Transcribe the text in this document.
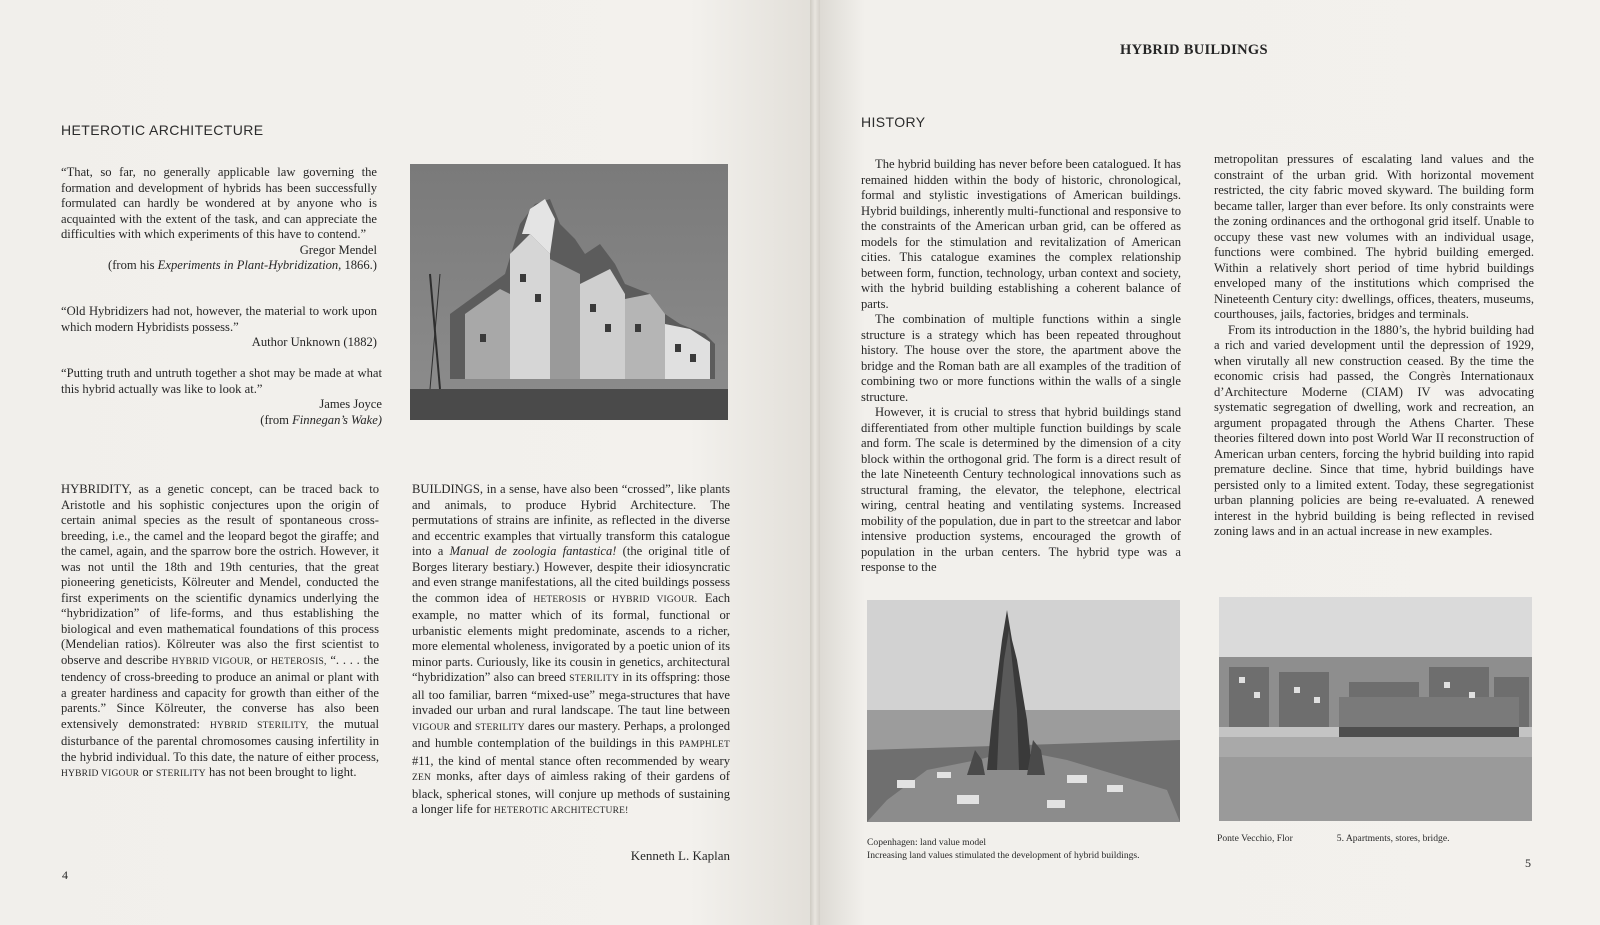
HETEROTIC ARCHITECTURE

“That, so far, no generally applicable law governing the formation and development of hybrids has been successfully formulated can hardly be wondered at by anyone who is acquainted with the extent of the task, and can appreciate the difficulties with which experiments of this have to contend.”

Gregor Mendel

(from his Experiments in Plant-Hybridization, 1866.)

“Old Hybridizers had not, however, the material to work upon which modern Hybridists possess.”

Author Unknown (1882)

“Putting truth and untruth together a shot may be made at what this hybrid actually was like to look at.”

James Joyce

(from Finnegan’s Wake)

HYBRIDITY, as a genetic concept, can be traced back to Aristotle and his sophistic conjectures upon the origin of certain animal species as the result of spontaneous cross-breeding, i.e., the camel and the leopard begot the giraffe; and the camel, again, and the sparrow bore the ostrich. However, it was not until the 18th and 19th centuries, that the great pioneering geneticists, Kölreuter and Mendel, conducted the first experiments on the scientific dynamics underlying the “hybridization” of life-forms, and thus establishing the biological and even mathematical foundations of this process (Mendelian ratios). Kölreuter was also the first scientist to observe and describe HYBRID VIGOUR, or HETEROSIS, “. . . . the tendency of cross-breeding to produce an animal or plant with a greater hardiness and capacity for growth than either of the parents.” Since Kölreuter, the converse has also been extensively demonstrated: HYBRID STERILITY, the mutual disturbance of the parental chromosomes causing infertility in the hybrid individual. To this date, the nature of either process, HYBRID VIGOUR or STERILITY has not been brought to light.

BUILDINGS, in a sense, have also been “crossed”, like plants and animals, to produce Hybrid Architecture. The permutations of strains are infinite, as reflected in the diverse and eccentric examples that virtually transform this catalogue into a Manual de zoologia fantastica! (the original title of Borges literary bestiary.) However, despite their idiosyncratic and even strange manifestations, all the cited buildings possess the common idea of HETEROSIS or HYBRID VIGOUR. Each example, no matter which of its formal, functional or urbanistic elements might predominate, ascends to a richer, more elemental wholeness, invigorated by a poetic union of its minor parts. Curiously, like its cousin in genetics, architectural “hybridization” also can breed STERILITY in its offspring: those all too familiar, barren “mixed-use” mega-structures that have invaded our urban and rural landscape. The taut line between VIGOUR and STERILITY dares our mastery. Perhaps, a prolonged and humble contemplation of the buildings in this PAMPHLET #11, the kind of mental stance often recommended by weary ZEN monks, after days of aimless raking of their gardens of black, spherical stones, will conjure up methods of sustaining a longer life for HETEROTIC ARCHITECTURE!

Kenneth L. Kaplan
4
HYBRID BUILDINGS
HISTORY

The hybrid building has never before been catalogued. It has remained hidden within the body of historic, chronological, formal and stylistic investigations of American buildings. Hybrid buildings, inherently multi-functional and responsive to the constraints of the American urban grid, can be offered as models for the stimulation and revitalization of American cities. This catalogue examines the complex relationship between form, function, technology, urban context and society, with the hybrid building establishing a coherent balance of parts.

The combination of multiple functions within a single structure is a strategy which has been repeated throughout history. The house over the store, the apartment above the bridge and the Roman bath are all examples of the tradition of combining two or more functions within the walls of a single structure.

However, it is crucial to stress that hybrid buildings stand differentiated from other multiple function buildings by scale and form. The scale is determined by the dimension of a city block within the orthogonal grid. The form is a direct result of the late Nineteenth Century technological innovations such as structural framing, the elevator, the telephone, electrical wiring, central heating and ventilating systems. Increased mobility of the population, due in part to the streetcar and labor intensive production systems, encouraged the growth of population in the urban centers. The hybrid type was a response to the

metropolitan pressures of escalating land values and the constraint of the urban grid. With horizontal movement restricted, the city fabric moved skyward. The building form became taller, larger than ever before. Its only constraints were the zoning ordinances and the orthogonal grid itself. Unable to occupy these vast new volumes with an individual usage, functions were combined. The hybrid building emerged. Within a relatively short period of time hybrid buildings enveloped many of the institutions which comprised the Nineteenth Century city: dwellings, offices, theaters, museums, courthouses, jails, factories, bridges and terminals.

From its introduction in the 1880’s, the hybrid building had a rich and varied development until the depression of 1929, when virutally all new construction ceased. By the time the economic crisis had passed, the Congrès Internationaux d’Architecture Moderne (CIAM) IV was advocating systematic segregation of dwelling, work and recreation, an argument propagated through the Athens Charter. These theories filtered down into post World War II reconstruction of American urban centers, forcing the hybrid building into rapid premature decline. Since that time, hybrid buildings have persisted only to a limited extent. Today, these segregationist urban planning policies are being re-evaluated. A renewed interest in the hybrid building is being reflected in revised zoning laws and in an actual increase in new examples.

Copenhagen: land value model
Increasing land values stimulated the development of hybrid buildings.
Ponte Vecchio, Flor	5. Apartments, stores, bridge.
5
